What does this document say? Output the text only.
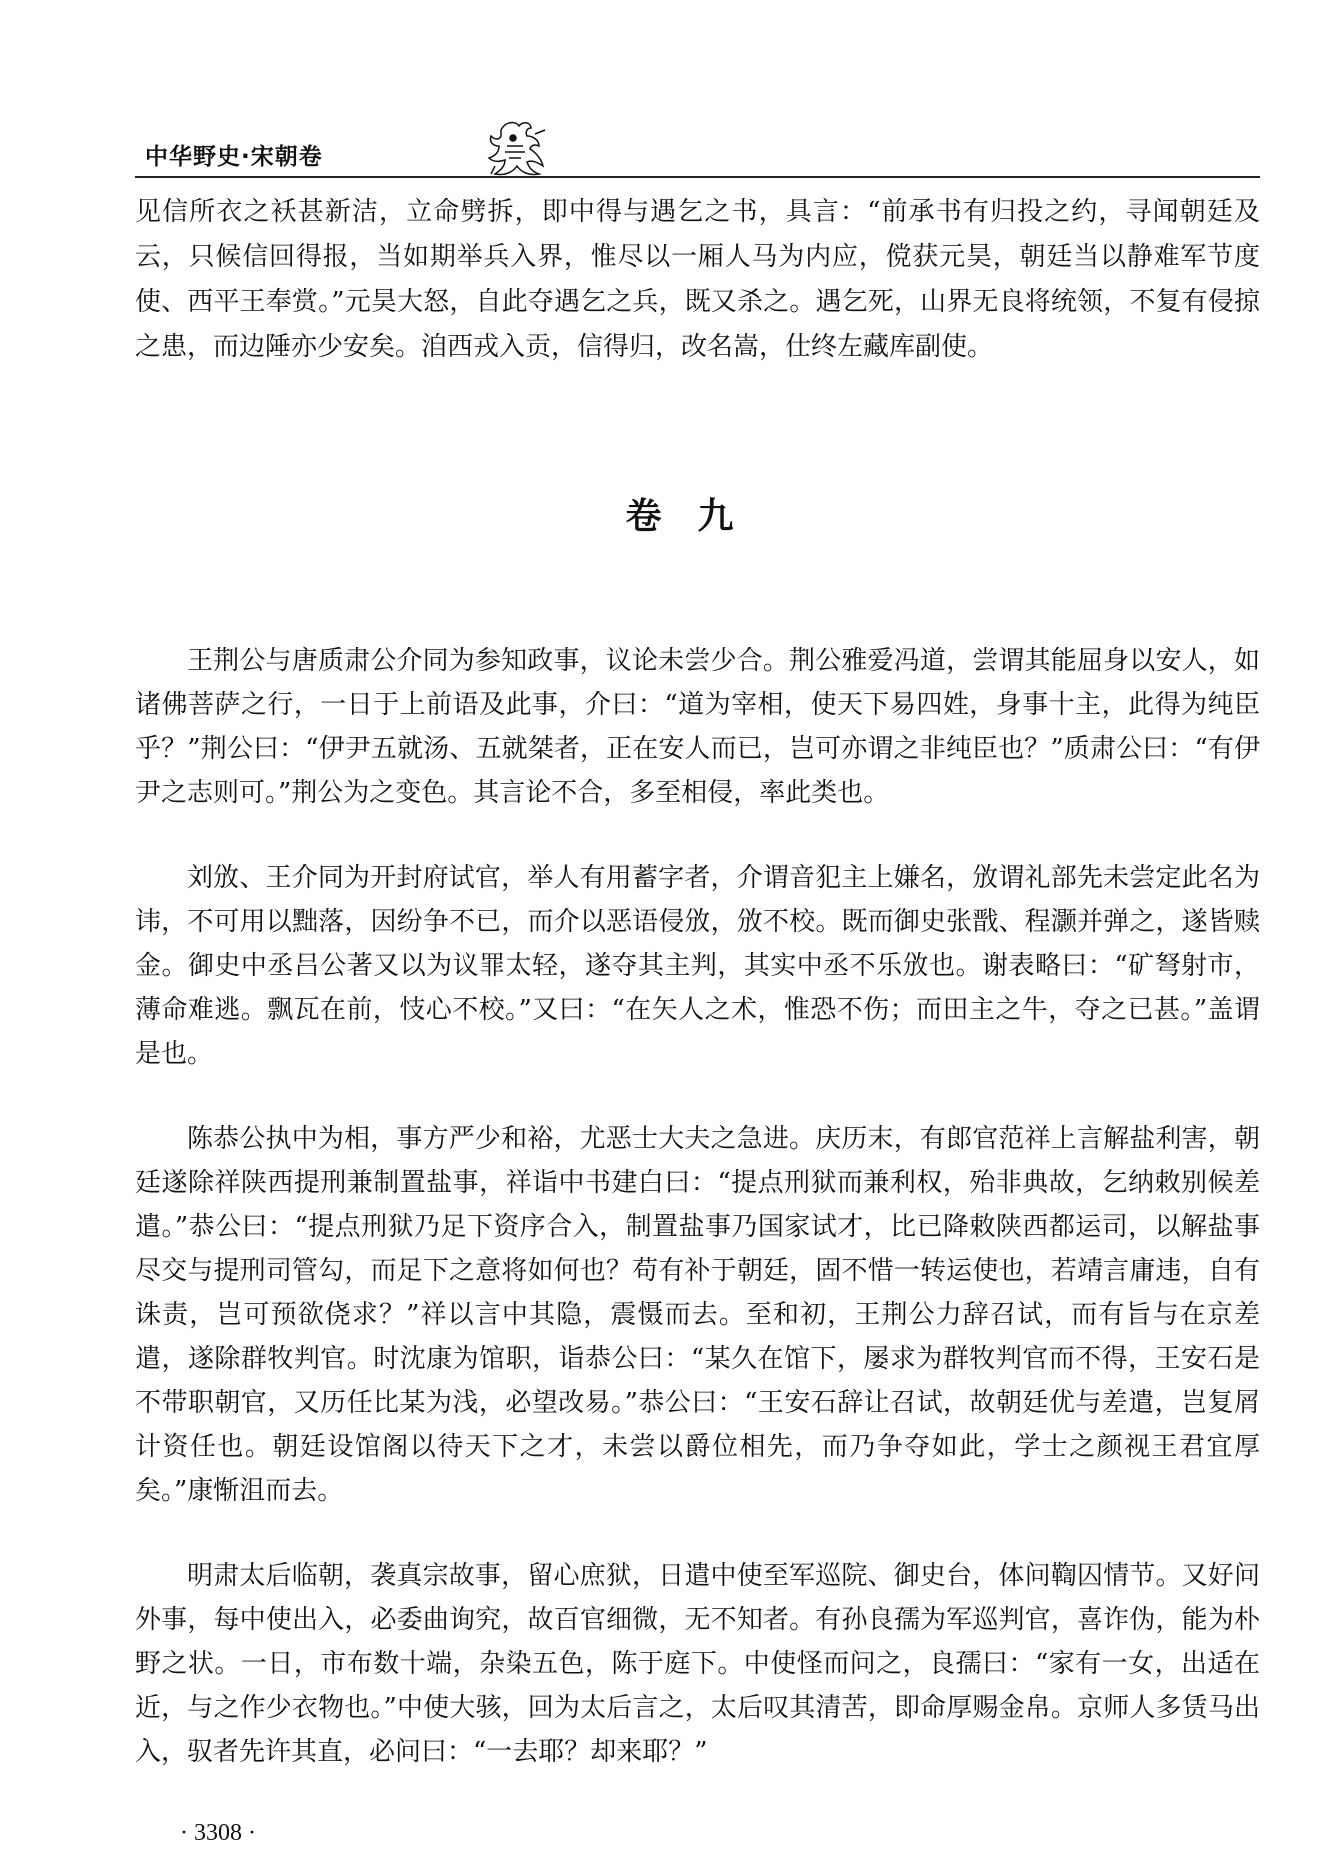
中华野史·宋朝卷

见信所衣之袄甚新洁，立命劈拆，即中得与遇乞之书，具言：“前承书有归投之约，寻闻朝廷及云，只候信回得报，当如期举兵入界，惟尽以一厢人马为内应，傥获元昊，朝廷当以静难军节度使、西平王奉赏。”元昊大怒，自此夺遇乞之兵，既又杀之。遇乞死，山界无良将统领，不复有侵掠之患，而边陲亦少安矣。洎西戎入贡，信得归，改名嵩，仕终左藏库副使。

卷九

王荆公与唐质肃公介同为参知政事，议论未尝少合。荆公雅爱冯道，尝谓其能屈身以安人，如诸佛菩萨之行，一日于上前语及此事，介曰：“道为宰相，使天下易四姓，身事十主，此得为纯臣乎？”荆公曰：“伊尹五就汤、五就桀者，正在安人而已，岂可亦谓之非纯臣也？”质肃公曰：“有伊尹之志则可。”荆公为之变色。其言论不合，多至相侵，率此类也。

刘攽、王介同为开封府试官，举人有用蓄字者，介谓音犯主上嫌名，攽谓礼部先未尝定此名为讳，不可用以黜落，因纷争不已，而介以恶语侵攽，攽不校。既而御史张戬、程灏并弹之，遂皆赎金。御史中丞吕公著又以为议罪太轻，遂夺其主判，其实中丞不乐攽也。谢表略曰：“矿弩射市，薄命难逃。飘瓦在前，忮心不校。”又曰：“在矢人之术，惟恐不伤；而田主之牛，夺之已甚。”盖谓是也。

陈恭公执中为相，事方严少和裕，尤恶士大夫之急进。庆历末，有郎官范祥上言解盐利害，朝廷遂除祥陕西提刑兼制置盐事，祥诣中书建白曰：“提点刑狱而兼利权，殆非典故，乞纳敕别候差遣。”恭公曰：“提点刑狱乃足下资序合入，制置盐事乃国家试才，比已降敕陕西都运司，以解盐事尽交与提刑司管勾，而足下之意将如何也？苟有补于朝廷，固不惜一转运使也，若靖言庸违，自有诛责，岂可预欲侥求？”祥以言中其隐，震慑而去。至和初，王荆公力辞召试，而有旨与在京差遣，遂除群牧判官。时沈康为馆职，诣恭公曰：“某久在馆下，屡求为群牧判官而不得，王安石是不带职朝官，又历任比某为浅，必望改易。”恭公曰：“王安石辞让召试，故朝廷优与差遣，岂复屑计资任也。朝廷设馆阁以待天下之才，未尝以爵位相先，而乃争夺如此，学士之颜视王君宜厚矣。”康惭沮而去。

明肃太后临朝，袭真宗故事，留心庶狱，日遣中使至军巡院、御史台，体问鞫囚情节。又好问外事，每中使出入，必委曲询究，故百官细微，无不知者。有孙良孺为军巡判官，喜诈伪，能为朴野之状。一日，市布数十端，杂染五色，陈于庭下。中使怪而问之，良孺曰：“家有一女，出适在近，与之作少衣物也。”中使大骇，回为太后言之，太后叹其清苦，即命厚赐金帛。京师人多赁马出入，驭者先许其直，必问曰：“一去耶？却来耶？”

· 3308 ·
